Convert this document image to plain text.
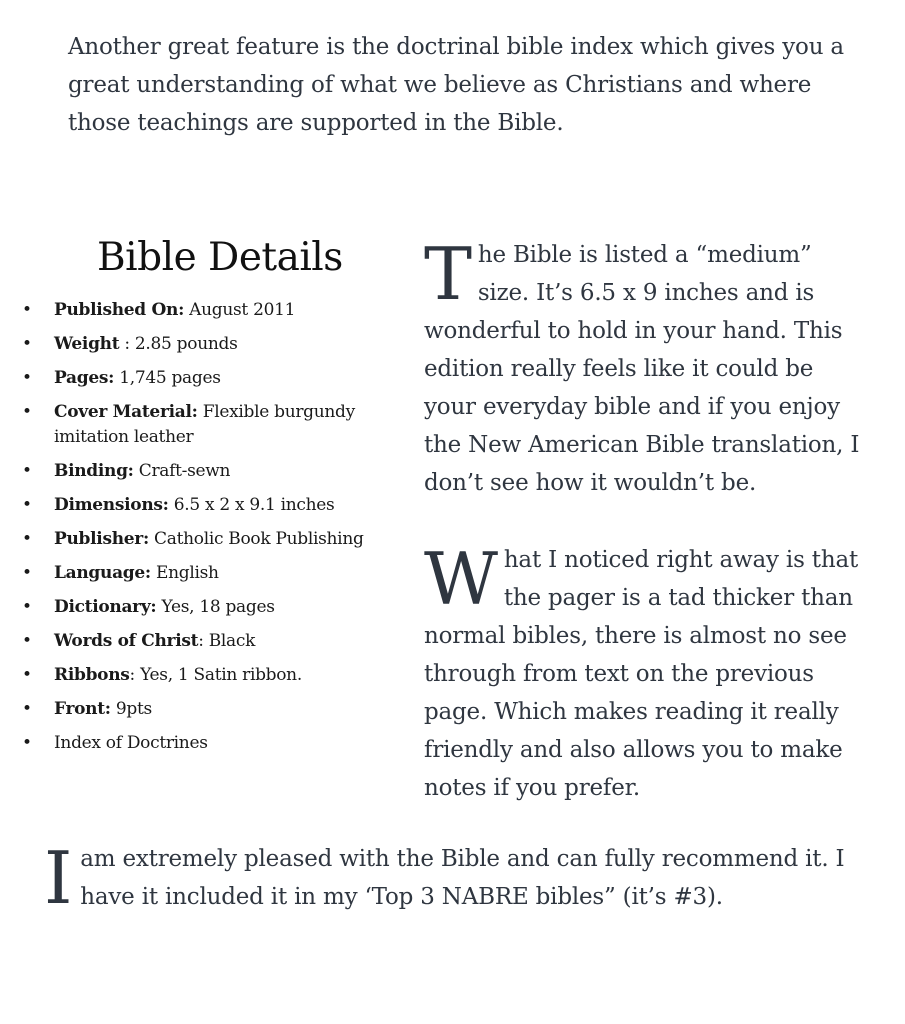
Another great feature is the doctrinal bible index which gives you a great understanding of what we believe as Christians and where those teachings are supported in the Bible.

Bible Details
• Published On: August 2011
• Weight : 2.85 pounds
• Pages: 1,745 pages
• Cover Material: Flexible burgundy imitation leather
• Binding: Craft-sewn
• Dimensions: 6.5 x 2 x 9.1 inches
• Publisher: Catholic Book Publishing
• Language: English
• Dictionary: Yes, 18 pages
• Words of Christ: Black
• Ribbons: Yes, 1 Satin ribbon.
• Front: 9pts
• Index of Doctrines

The Bible is listed a “medium” size. It’s 6.5 x 9 inches and is wonderful to hold in your hand. This edition really feels like it could be your everyday bible and if you enjoy the New American Bible translation, I don’t see how it wouldn’t be.

What I noticed right away is that the pager is a tad thicker than normal bibles, there is almost no see through from text on the previous page. Which makes reading it really friendly and also allows you to make notes if you prefer.

I am extremely pleased with the Bible and can fully recommend it. I have it included it in my ‘Top 3 NABRE bibles” (it’s #3).
